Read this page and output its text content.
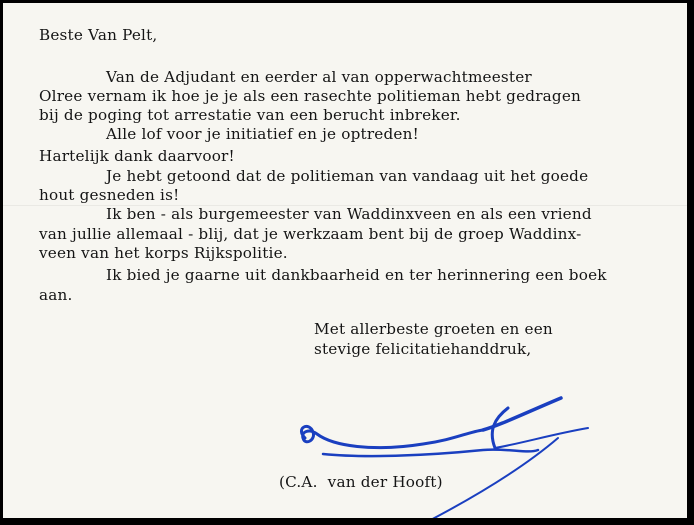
Beste Van Pelt,
Van de Adjudant en eerder al van opperwachtmeester
Olree vernam ik hoe je je als een rasechte politieman hebt gedragen
bij de poging tot arrestatie van een berucht inbreker.
Alle lof voor je initiatief en je optreden!
Hartelijk dank daarvoor!
Je hebt getoond dat de politieman van vandaag uit het goede
hout gesneden is!
Ik ben - als burgemeester van Waddinxveen en als een vriend
van jullie allemaal - blij, dat je werkzaam bent bij de groep Waddinx-
veen van het korps Rijkspolitie.
Ik bied je gaarne uit dankbaarheid en ter herinnering een boek
aan.
Met allerbeste groeten en een
stevige felicitatiehanddruk,
(C.A.  van der Hooft)
